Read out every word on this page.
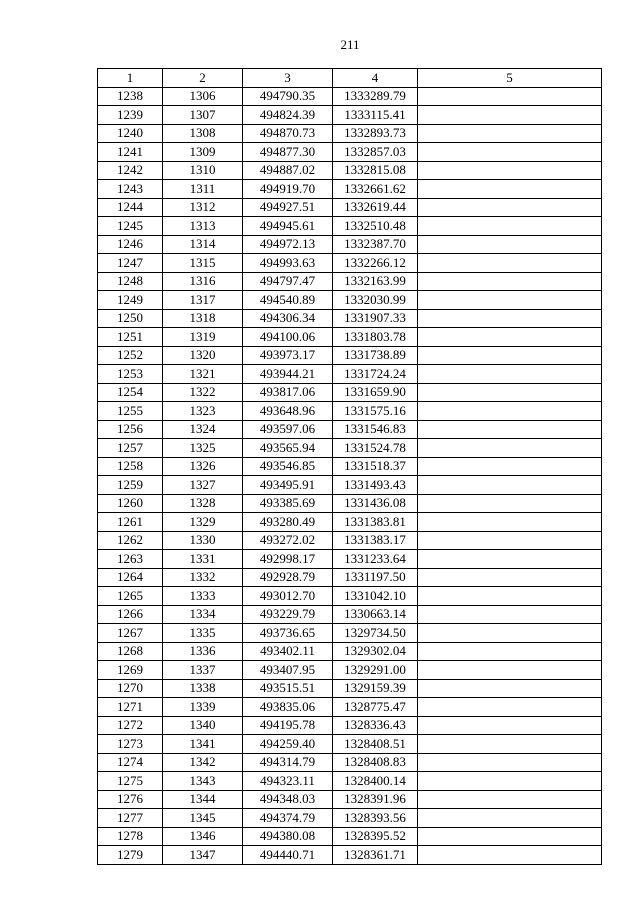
211
1	2	3	4	5
1238	1306	494790.35	1333289.79	
1239	1307	494824.39	1333115.41	
1240	1308	494870.73	1332893.73	
1241	1309	494877.30	1332857.03	
1242	1310	494887.02	1332815.08	
1243	1311	494919.70	1332661.62	
1244	1312	494927.51	1332619.44	
1245	1313	494945.61	1332510.48	
1246	1314	494972.13	1332387.70	
1247	1315	494993.63	1332266.12	
1248	1316	494797.47	1332163.99	
1249	1317	494540.89	1332030.99	
1250	1318	494306.34	1331907.33	
1251	1319	494100.06	1331803.78	
1252	1320	493973.17	1331738.89	
1253	1321	493944.21	1331724.24	
1254	1322	493817.06	1331659.90	
1255	1323	493648.96	1331575.16	
1256	1324	493597.06	1331546.83	
1257	1325	493565.94	1331524.78	
1258	1326	493546.85	1331518.37	
1259	1327	493495.91	1331493.43	
1260	1328	493385.69	1331436.08	
1261	1329	493280.49	1331383.81	
1262	1330	493272.02	1331383.17	
1263	1331	492998.17	1331233.64	
1264	1332	492928.79	1331197.50	
1265	1333	493012.70	1331042.10	
1266	1334	493229.79	1330663.14	
1267	1335	493736.65	1329734.50	
1268	1336	493402.11	1329302.04	
1269	1337	493407.95	1329291.00	
1270	1338	493515.51	1329159.39	
1271	1339	493835.06	1328775.47	
1272	1340	494195.78	1328336.43	
1273	1341	494259.40	1328408.51	
1274	1342	494314.79	1328408.83	
1275	1343	494323.11	1328400.14	
1276	1344	494348.03	1328391.96	
1277	1345	494374.79	1328393.56	
1278	1346	494380.08	1328395.52	
1279	1347	494440.71	1328361.71	
